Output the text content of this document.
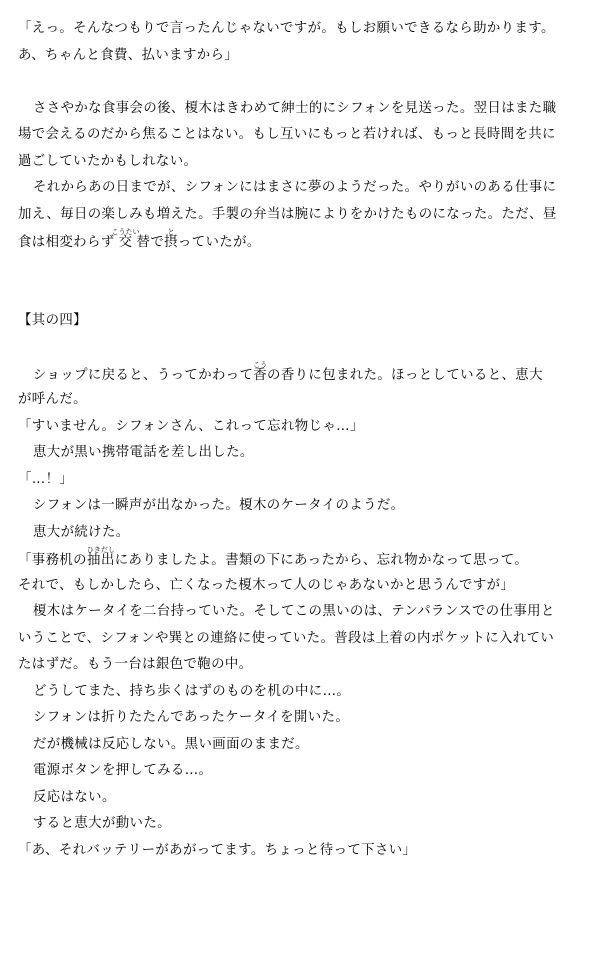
「えっ。そんなつもりで言ったんじゃないですが。もしお願いできるなら助かります。
あ、ちゃんと食費、払いますから」
ささやかな食事会の後、榎木はきわめて紳士的にシフォンを見送った。翌日はまた職
場で会えるのだから焦ることはない。もし互いにもっと若ければ、もっと長時間を共に
過ごしていたかもしれない。
それからあの日までが、シフォンにはまさに夢のようだった。やりがいのある仕事に
加え、毎日の楽しみも増えた。手製の弁当は腕によりをかけたものになった。ただ、昼
食は相変わらず交こうたい替で摂とっていたが。
【其の四】
ショップに戻ると、うってかわって香こうの香りに包まれた。ほっとしていると、恵大
が呼んだ。
「すいません。シフォンさん、これって忘れ物じゃ…」
恵大が黒い携帯電話を差し出した。
「…！」
シフォンは一瞬声が出なかった。榎木のケータイのようだ。
恵大が続けた。
「事務机の抽出ひきだしにありましたよ。書類の下にあったから、忘れ物かなって思って。
それで、もしかしたら、亡くなった榎木って人のじゃあないかと思うんですが」
榎木はケータイを二台持っていた。そしてこの黒いのは、テンパランスでの仕事用と
いうことで、シフォンや巽との連絡に使っていた。普段は上着の内ポケットに入れてい
たはずだ。もう一台は銀色で鞄の中。
どうしてまた、持ち歩くはずのものを机の中に…。
シフォンは折りたたんであったケータイを開いた。
だが機械は反応しない。黒い画面のままだ。
電源ボタンを押してみる…。
反応はない。
すると恵大が動いた。
「あ、それバッテリーがあがってます。ちょっと待って下さい」
